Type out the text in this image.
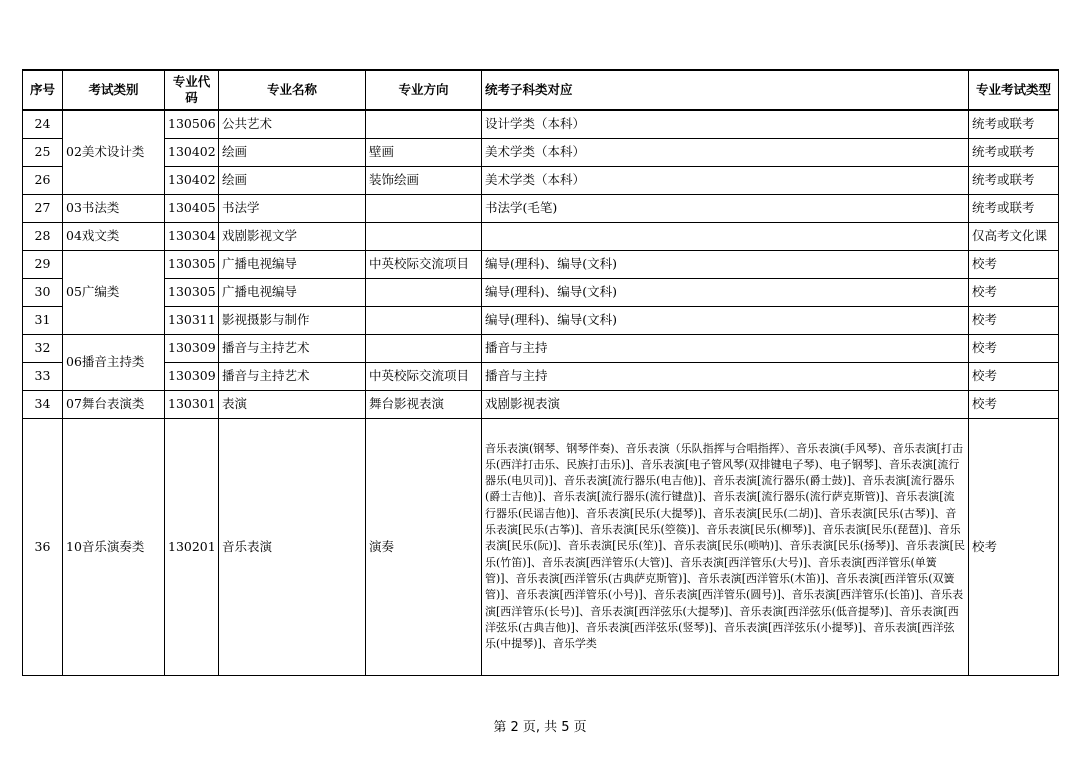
序号	考试类别	专业代码	专业名称	专业方向	统考子科类对应	专业考试类型
24	02美术设计类	130506	公共艺术		设计学类（本科）	统考或联考
25		130402	绘画	壁画	美术学类（本科）	统考或联考
26		130402	绘画	装饰绘画	美术学类（本科）	统考或联考
27	03书法类	130405	书法学		书法学(毛笔)	统考或联考
28	04戏文类	130304	戏剧影视文学			仅高考文化课
29	05广编类	130305	广播电视编导	中英校际交流项目	编导(理科)、编导(文科)	校考
30		130305	广播电视编导		编导(理科)、编导(文科)	校考
31		130311	影视摄影与制作		编导(理科)、编导(文科)	校考
32	06播音主持类	130309	播音与主持艺术		播音与主持	校考
33		130309	播音与主持艺术	中英校际交流项目	播音与主持	校考
34	07舞台表演类	130301	表演	舞台影视表演	戏剧影视表演	校考
36	10音乐演奏类	130201	音乐表演	演奏	音乐表演(钢琴、钢琴伴奏)、音乐表演（乐队指挥与合唱指挥）、音乐表演(手风琴)、音乐表演[打击乐(西洋打击乐、民族打击乐)]、音乐表演[电子管风琴(双排键电子琴)、电子钢琴]、音乐表演[流行器乐(电贝司)]、音乐表演[流行器乐(电吉他)]、音乐表演[流行器乐(爵士鼓)]、音乐表演[流行器乐(爵士吉他)]、音乐表演[流行器乐(流行键盘)]、音乐表演[流行器乐(流行萨克斯管)]、音乐表演[流行器乐(民谣吉他)]、音乐表演[民乐(大提琴)]、音乐表演[民乐(二胡)]、音乐表演[民乐(古琴)]、音乐表演[民乐(古筝)]、音乐表演[民乐(箜篌)]、音乐表演[民乐(柳琴)]、音乐表演[民乐(琵琶)]、音乐表演[民乐(阮)]、音乐表演[民乐(笙)]、音乐表演[民乐(唢呐)]、音乐表演[民乐(扬琴)]、音乐表演[民乐(竹笛)]、音乐表演[西洋管乐(大管)]、音乐表演[西洋管乐(大号)]、音乐表演[西洋管乐(单簧管)]、音乐表演[西洋管乐(古典萨克斯管)]、音乐表演[西洋管乐(木笛)]、音乐表演[西洋管乐(双簧管)]、音乐表演[西洋管乐(小号)]、音乐表演[西洋管乐(圆号)]、音乐表演[西洋管乐(长笛)]、音乐表演[西洋管乐(长号)]、音乐表演[西洋弦乐(大提琴)]、音乐表演[西洋弦乐(低音提琴)]、音乐表演[西洋弦乐(古典吉他)]、音乐表演[西洋弦乐(竖琴)]、音乐表演[西洋弦乐(小提琴)]、音乐表演[西洋弦乐(中提琴)]、音乐学类	校考
第 2 页, 共 5 页
